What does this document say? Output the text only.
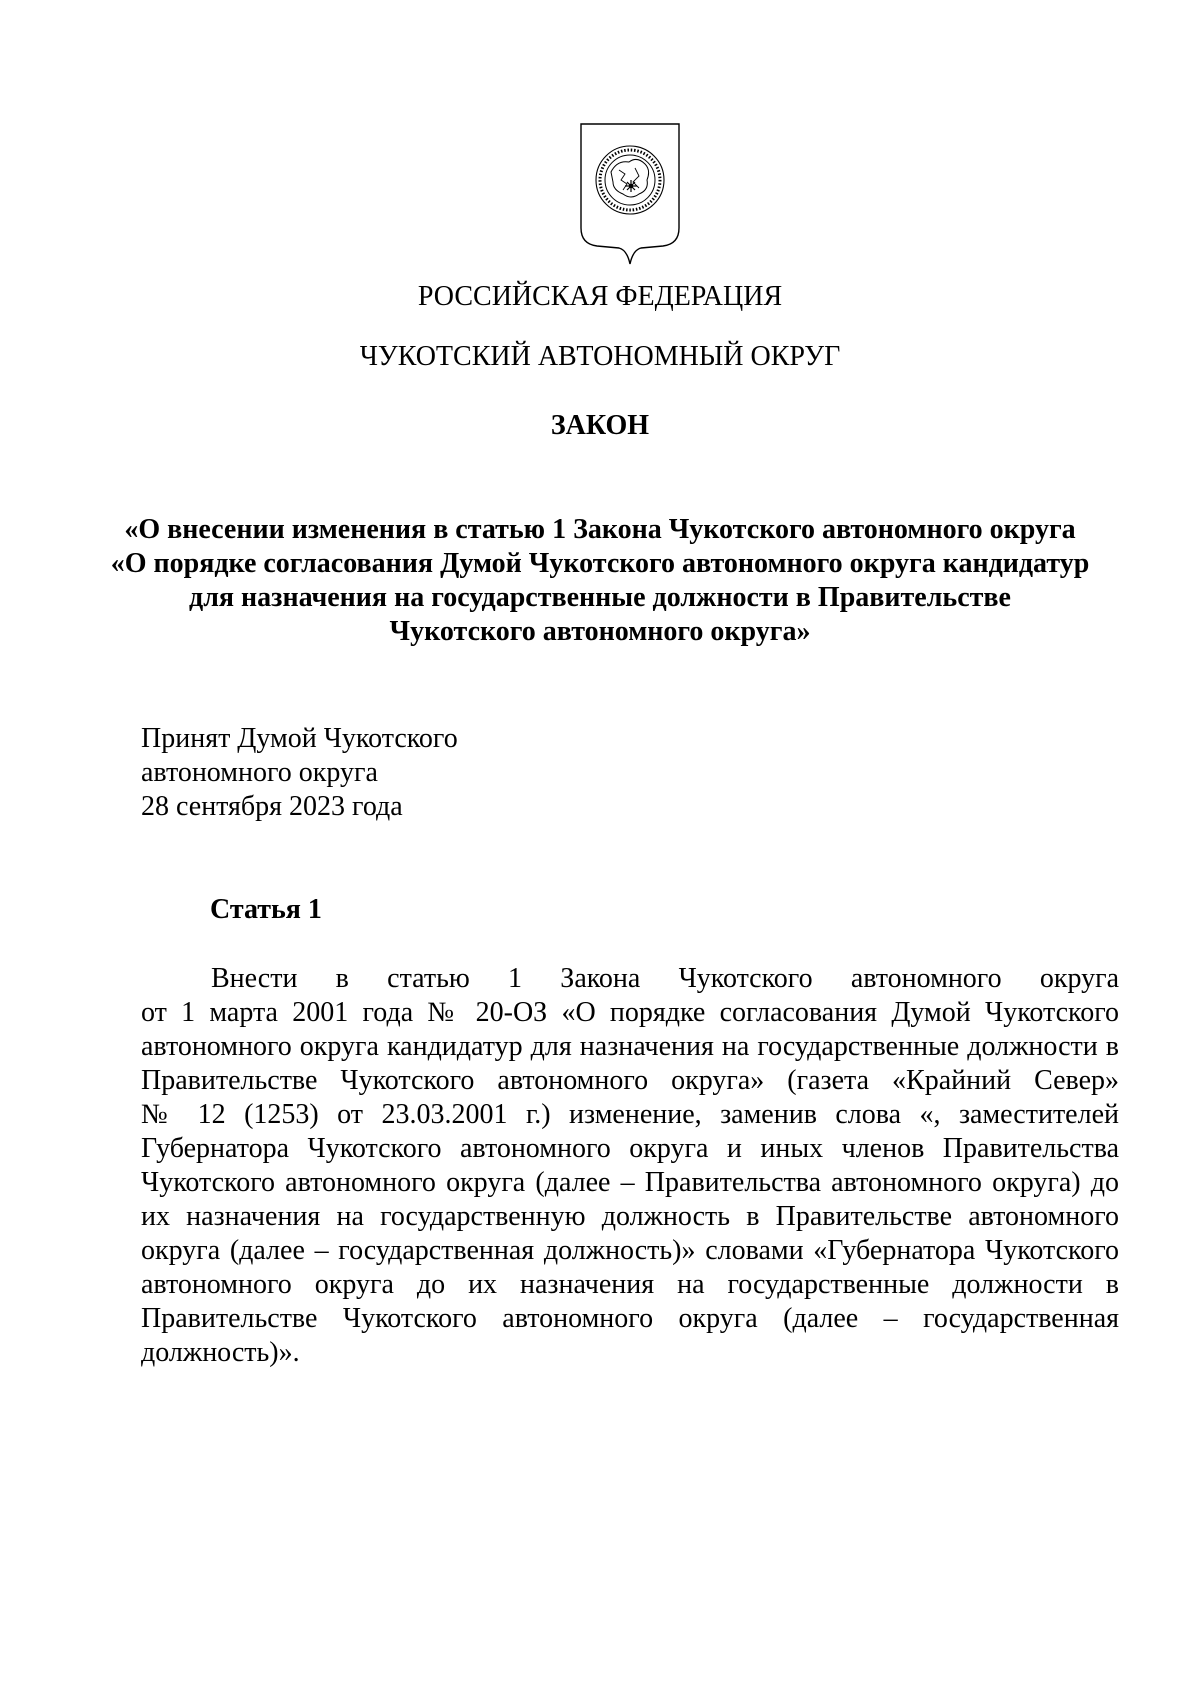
РОССИЙСКАЯ ФЕДЕРАЦИЯ
ЧУКОТСКИЙ АВТОНОМНЫЙ ОКРУГ
ЗАКОН
«О внесении изменения в статью 1 Закона Чукотского автономного округа
«О порядке согласования Думой Чукотского автономного округа кандидатур
для назначения на государственные должности в Правительстве
Чукотского автономного округа»
Принят Думой Чукотского
автономного округа
28 сентября 2023 года
Статья 1
Внести в статью 1 Закона Чукотского автономного округа
от 1 марта 2001 года № 20-ОЗ «О порядке согласования Думой Чукотского
автономного округа кандидатур для назначения на государственные должности в
Правительстве Чукотского автономного округа» (газета «Крайний Север»
№ 12 (1253) от 23.03.2001 г.) изменение, заменив слова «, заместителей
Губернатора Чукотского автономного округа и иных членов Правительства
Чукотского автономного округа (далее – Правительства автономного округа) до
их назначения на государственную должность в Правительстве автономного
округа (далее – государственная должность)» словами «Губернатора Чукотского
автономного округа до их назначения на государственные должности в
Правительстве Чукотского автономного округа (далее – государственная
должность)».
